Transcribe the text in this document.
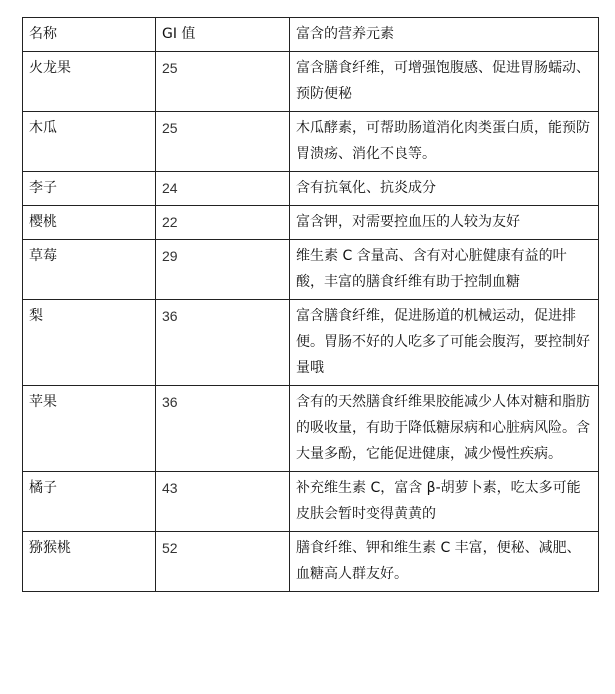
名称	GI 值	富含的营养元素
火龙果	25	富含膳食纤维，可增强饱腹感、促进胃肠蠕动、预防便秘
木瓜	25	木瓜酵素，可帮助肠道消化肉类蛋白质，能预防胃溃疡、消化不良等。
李子	24	含有抗氧化、抗炎成分
樱桃	22	富含钾，对需要控血压的人较为友好
草莓	29	维生素 C 含量高、含有对心脏健康有益的叶酸，丰富的膳食纤维有助于控制血糖
梨	36	富含膳食纤维，促进肠道的机械运动，促进排便。胃肠不好的人吃多了可能会腹泻，要控制好量哦
苹果	36	含有的天然膳食纤维果胶能减少人体对糖和脂肪的吸收量，有助于降低糖尿病和心脏病风险。含大量多酚，它能促进健康，减少慢性疾病。
橘子	43	补充维生素 C，富含 β-胡萝卜素，吃太多可能皮肤会暂时变得黄黄的
猕猴桃	52	膳食纤维、钾和维生素 C 丰富，便秘、减肥、血糖高人群友好。
